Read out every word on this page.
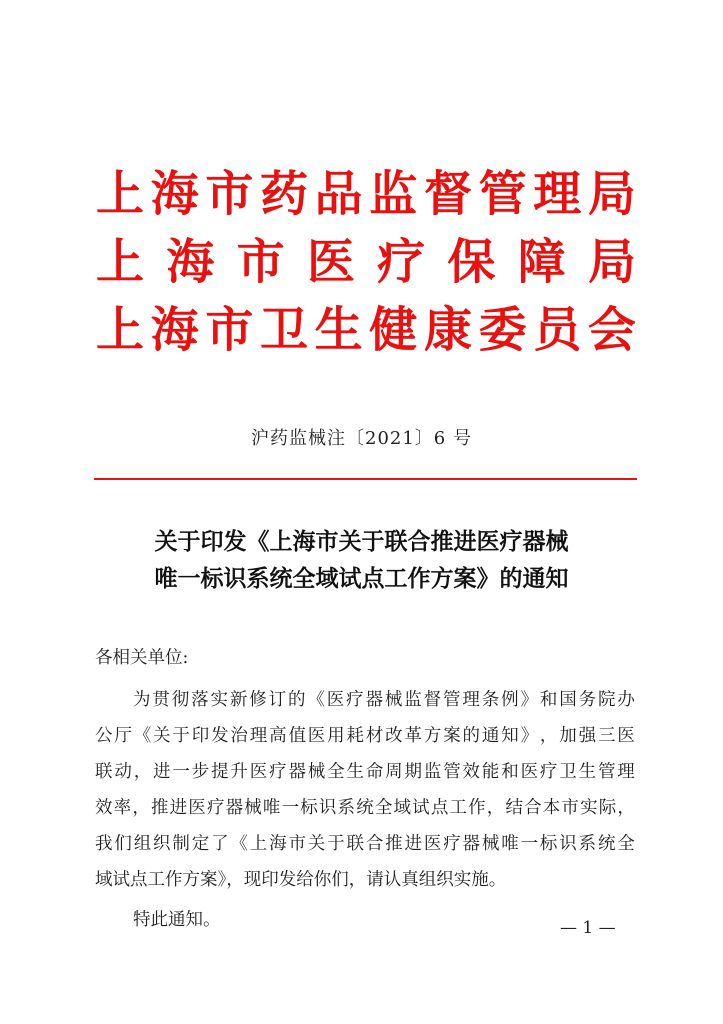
上 海 市 药 品 监 督 管 理 局
上 海 市 医 疗 保 障 局
上 海 市 卫 生 健 康 委 员 会
沪药监械注〔2021〕6 号
关于印发《上海市关于联合推进医疗器械
唯一标识系统全域试点工作方案》的通知
各相关单位:
为 贯 彻 落 实 新 修 订 的 《 医 疗 器 械 监 督 管 理 条 例 》 和 国 务 院 办
公 厅 《 关 于 印 发 治 理 高 值 医 用 耗 材 改 革 方 案 的 通 知 》 ， 加 强 三 医
联 动 ， 进 一 步 提 升 医 疗 器 械 全 生 命 周 期 监 管 效 能 和 医 疗 卫 生 管 理
效 率 ， 推 进 医 疗 器 械 唯 一 标 识 系 统 全 域 试 点 工 作 ， 结 合 本 市 实 际 ，
我 们 组 织 制 定 了 《 上 海 市 关 于 联 合 推 进 医 疗 器 械 唯 一 标 识 系 统 全
域试点工作方案》，现印发给你们，请认真组织实施。
特此通知。	— 1 —
